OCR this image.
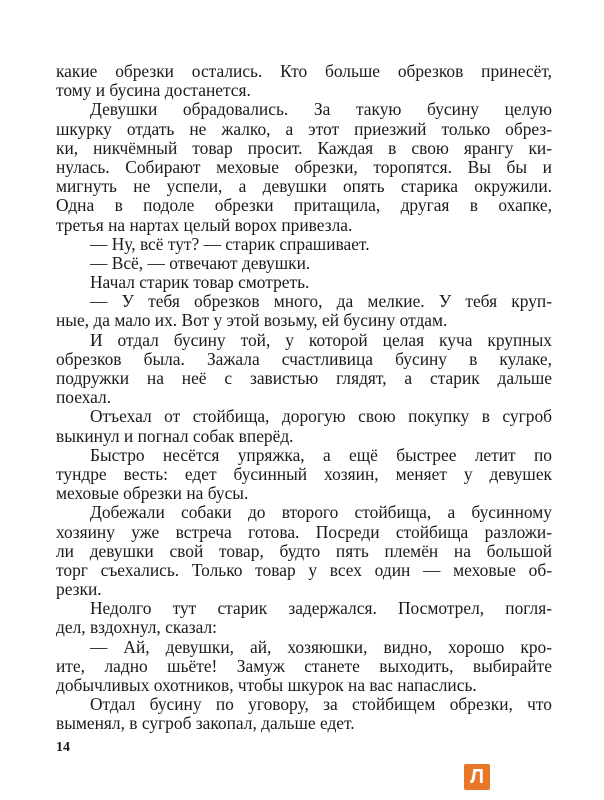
какие обрезки остались. Кто больше обрезков принесёт,
тому и бусина достанется.
Девушки обрадовались. За такую бусину целую
шкурку отдать не жалко, а этот приезжий только обрез-
ки, никчёмный товар просит. Каждая в свою ярангу ки-
нулась. Собирают меховые обрезки, торопятся. Вы бы и
мигнуть не успели, а девушки опять старика окружили.
Одна в подоле обрезки притащила, другая в охапке,
третья на нартах целый ворох привезла.
— Ну, всё тут? — старик спрашивает.
— Всё, — отвечают девушки.
Начал старик товар смотреть.
— У тебя обрезков много, да мелкие. У тебя круп-
ные, да мало их. Вот у этой возьму, ей бусину отдам.
И отдал бусину той, у которой целая куча крупных
обрезков была. Зажала счастливица бусину в кулаке,
подружки на неё с завистью глядят, а старик дальше
поехал.
Отъехал от стойбища, дорогую свою покупку в сугроб
выкинул и погнал собак вперёд.
Быстро несётся упряжка, а ещё быстрее летит по
тундре весть: едет бусинный хозяин, меняет у девушек
меховые обрезки на бусы.
Добежали собаки до второго стойбища, а бусинному
хозяину уже встреча готова. Посреди стойбища разложи-
ли девушки свой товар, будто пять племён на большой
торг съехались. Только товар у всех один — меховые об-
резки.
Недолго тут старик задержался. Посмотрел, погля-
дел, вздохнул, сказал:
— Ай, девушки, ай, хозяюшки, видно, хорошо кро-
ите, ладно шьёте! Замуж станете выходить, выбирайте
добычливых охотников, чтобы шкурок на вас напаслись.
Отдал бусину по уговору, за стойбищем обрезки, что
выменял, в сугроб закопал, дальше едет.
14
Л
